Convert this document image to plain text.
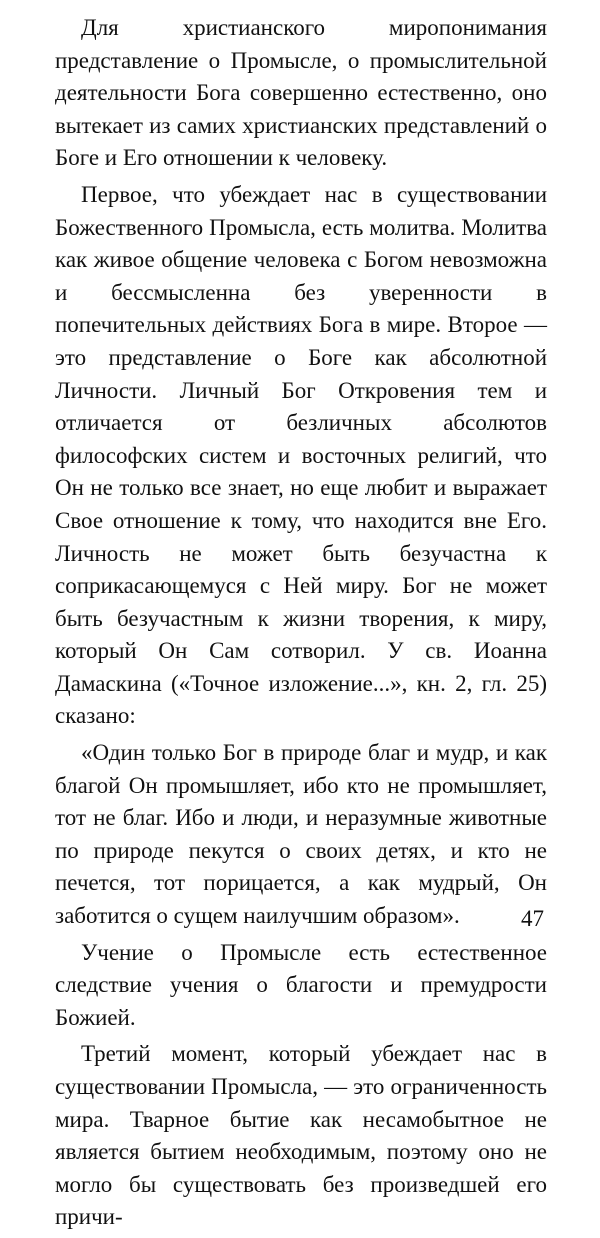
Для христианского миропонимания представление о Промысле, о промыслительной деятельности Бога совершенно естественно, оно вытекает из самих христианских представлений о Боге и Его отношении к человеку.

Первое, что убеждает нас в существовании Божественного Промысла, есть молитва. Молитва как живое общение человека с Богом невозможна и бессмысленна без уверенности в попечительных действиях Бога в мире. Второе — это представление о Боге как абсолютной Личности. Личный Бог Откровения тем и отличается от безличных абсолютов философских систем и восточных религий, что Он не только все знает, но еще любит и выражает Свое отношение к тому, что находится вне Его. Личность не может быть безучастна к соприкасающемуся с Ней миру. Бог не может быть безучастным к жизни творения, к миру, который Он Сам сотворил. У св. Иоанна Дамаскина («Точное изложение...», кн. 2, гл. 25) сказано:

«Один только Бог в природе благ и мудр, и как благой Он промышляет, ибо кто не промышляет, тот не благ. Ибо и люди, и неразумные животные по природе пекутся о своих детях, и кто не печется, тот порицается, а как мудрый, Он заботится о сущем наилучшим образом».

Учение о Промысле есть естественное следствие учения о благости и премудрости Божией.

Третий момент, который убеждает нас в существовании Промысла, — это ограниченность мира. Тварное бытие как несамобытное не является бытием необходимым, поэтому оно не могло бы существовать без произведшей его причи-

47
